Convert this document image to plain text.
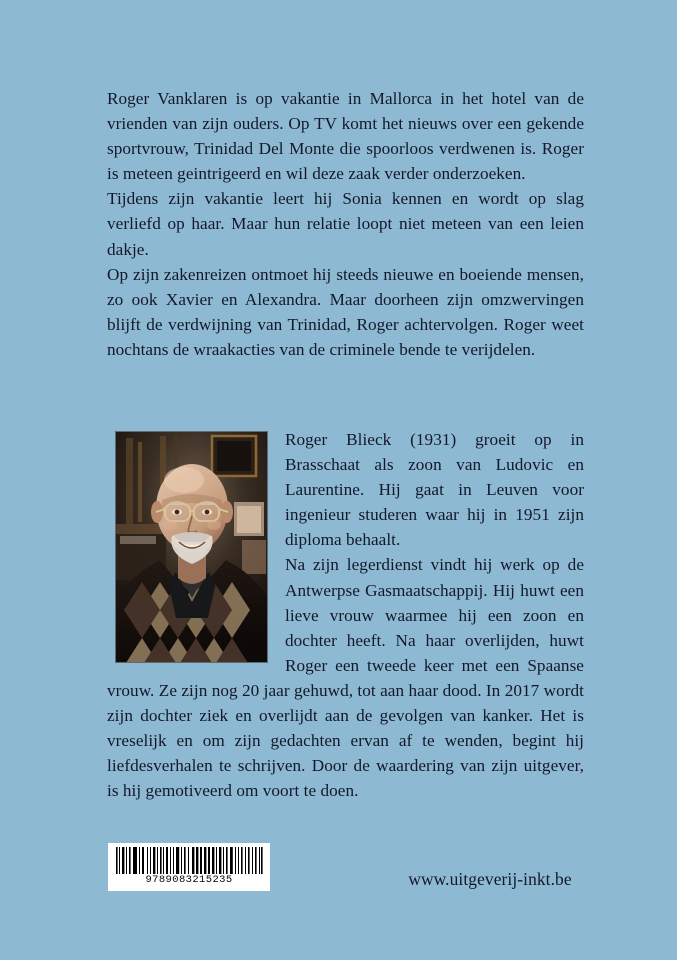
Roger Vanklaren is op vakantie in Mallorca in het hotel van de vrienden van zijn ouders. Op TV komt het nieuws over een gekende sportvrouw, Trinidad Del Monte die spoorloos verdwenen is. Roger is meteen geintrigeerd en wil deze zaak verder onderzoeken.

Tijdens zijn vakantie leert hij Sonia kennen en wordt op slag verliefd op haar. Maar hun relatie loopt niet meteen van een leien dakje.

Op zijn zakenreizen ontmoet hij steeds nieuwe en boeiende mensen, zo ook Xavier en Alexandra. Maar doorheen zijn omzwervingen blijft de verdwijning van Trinidad, Roger achtervolgen. Roger weet nochtans de wraakacties van de criminele bende te verijdelen.

Roger Blieck (1931) groeit op in Brasschaat als zoon van Ludovic en Laurentine. Hij gaat in Leuven voor ingenieur studeren waar hij in 1951 zijn diploma behaalt.

Na zijn legerdienst vindt hij werk op de Antwerpse Gasmaatschappij. Hij huwt een lieve vrouw waarmee hij een zoon en dochter heeft. Na haar overlijden, huwt Roger een tweede keer met een Spaanse vrouw. Ze zijn nog 20 jaar gehuwd, tot aan haar dood. In 2017 wordt zijn dochter ziek en overlijdt aan de gevolgen van kanker. Het is vreselijk en om zijn gedachten ervan af te wenden, begint hij liefdesverhalen te schrijven. Door de waardering van zijn uitgever, is hij gemotiveerd om voort te doen.

9789083215235	www.uitgeverij-inkt.be
